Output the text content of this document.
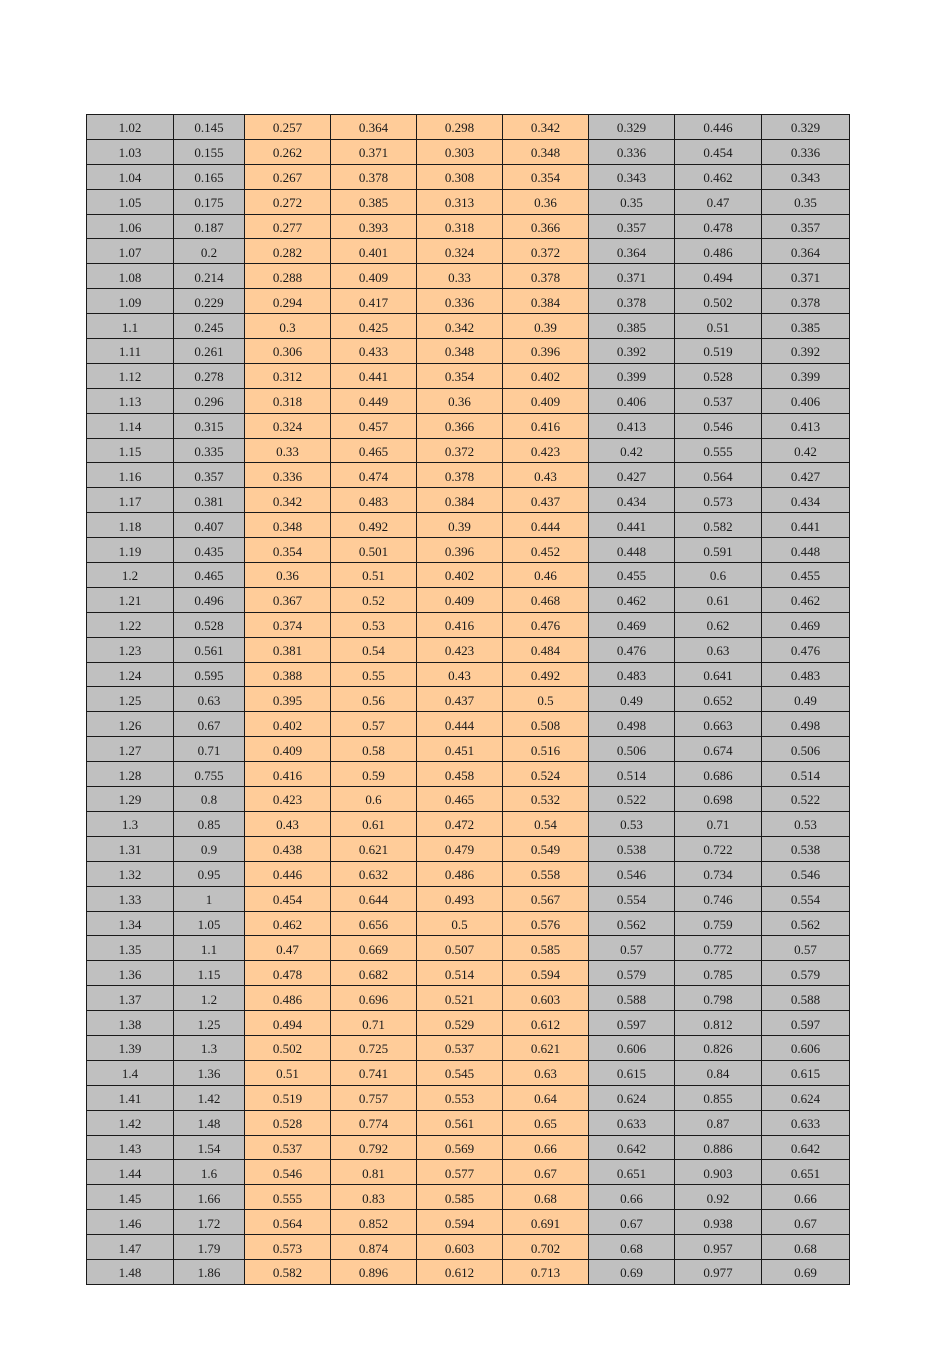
1.02	0.145	0.257	0.364	0.298	0.342	0.329	0.446	0.329
1.03	0.155	0.262	0.371	0.303	0.348	0.336	0.454	0.336
1.04	0.165	0.267	0.378	0.308	0.354	0.343	0.462	0.343
1.05	0.175	0.272	0.385	0.313	0.36	0.35	0.47	0.35
1.06	0.187	0.277	0.393	0.318	0.366	0.357	0.478	0.357
1.07	0.2	0.282	0.401	0.324	0.372	0.364	0.486	0.364
1.08	0.214	0.288	0.409	0.33	0.378	0.371	0.494	0.371
1.09	0.229	0.294	0.417	0.336	0.384	0.378	0.502	0.378
1.1	0.245	0.3	0.425	0.342	0.39	0.385	0.51	0.385
1.11	0.261	0.306	0.433	0.348	0.396	0.392	0.519	0.392
1.12	0.278	0.312	0.441	0.354	0.402	0.399	0.528	0.399
1.13	0.296	0.318	0.449	0.36	0.409	0.406	0.537	0.406
1.14	0.315	0.324	0.457	0.366	0.416	0.413	0.546	0.413
1.15	0.335	0.33	0.465	0.372	0.423	0.42	0.555	0.42
1.16	0.357	0.336	0.474	0.378	0.43	0.427	0.564	0.427
1.17	0.381	0.342	0.483	0.384	0.437	0.434	0.573	0.434
1.18	0.407	0.348	0.492	0.39	0.444	0.441	0.582	0.441
1.19	0.435	0.354	0.501	0.396	0.452	0.448	0.591	0.448
1.2	0.465	0.36	0.51	0.402	0.46	0.455	0.6	0.455
1.21	0.496	0.367	0.52	0.409	0.468	0.462	0.61	0.462
1.22	0.528	0.374	0.53	0.416	0.476	0.469	0.62	0.469
1.23	0.561	0.381	0.54	0.423	0.484	0.476	0.63	0.476
1.24	0.595	0.388	0.55	0.43	0.492	0.483	0.641	0.483
1.25	0.63	0.395	0.56	0.437	0.5	0.49	0.652	0.49
1.26	0.67	0.402	0.57	0.444	0.508	0.498	0.663	0.498
1.27	0.71	0.409	0.58	0.451	0.516	0.506	0.674	0.506
1.28	0.755	0.416	0.59	0.458	0.524	0.514	0.686	0.514
1.29	0.8	0.423	0.6	0.465	0.532	0.522	0.698	0.522
1.3	0.85	0.43	0.61	0.472	0.54	0.53	0.71	0.53
1.31	0.9	0.438	0.621	0.479	0.549	0.538	0.722	0.538
1.32	0.95	0.446	0.632	0.486	0.558	0.546	0.734	0.546
1.33	1	0.454	0.644	0.493	0.567	0.554	0.746	0.554
1.34	1.05	0.462	0.656	0.5	0.576	0.562	0.759	0.562
1.35	1.1	0.47	0.669	0.507	0.585	0.57	0.772	0.57
1.36	1.15	0.478	0.682	0.514	0.594	0.579	0.785	0.579
1.37	1.2	0.486	0.696	0.521	0.603	0.588	0.798	0.588
1.38	1.25	0.494	0.71	0.529	0.612	0.597	0.812	0.597
1.39	1.3	0.502	0.725	0.537	0.621	0.606	0.826	0.606
1.4	1.36	0.51	0.741	0.545	0.63	0.615	0.84	0.615
1.41	1.42	0.519	0.757	0.553	0.64	0.624	0.855	0.624
1.42	1.48	0.528	0.774	0.561	0.65	0.633	0.87	0.633
1.43	1.54	0.537	0.792	0.569	0.66	0.642	0.886	0.642
1.44	1.6	0.546	0.81	0.577	0.67	0.651	0.903	0.651
1.45	1.66	0.555	0.83	0.585	0.68	0.66	0.92	0.66
1.46	1.72	0.564	0.852	0.594	0.691	0.67	0.938	0.67
1.47	1.79	0.573	0.874	0.603	0.702	0.68	0.957	0.68
1.48	1.86	0.582	0.896	0.612	0.713	0.69	0.977	0.69
